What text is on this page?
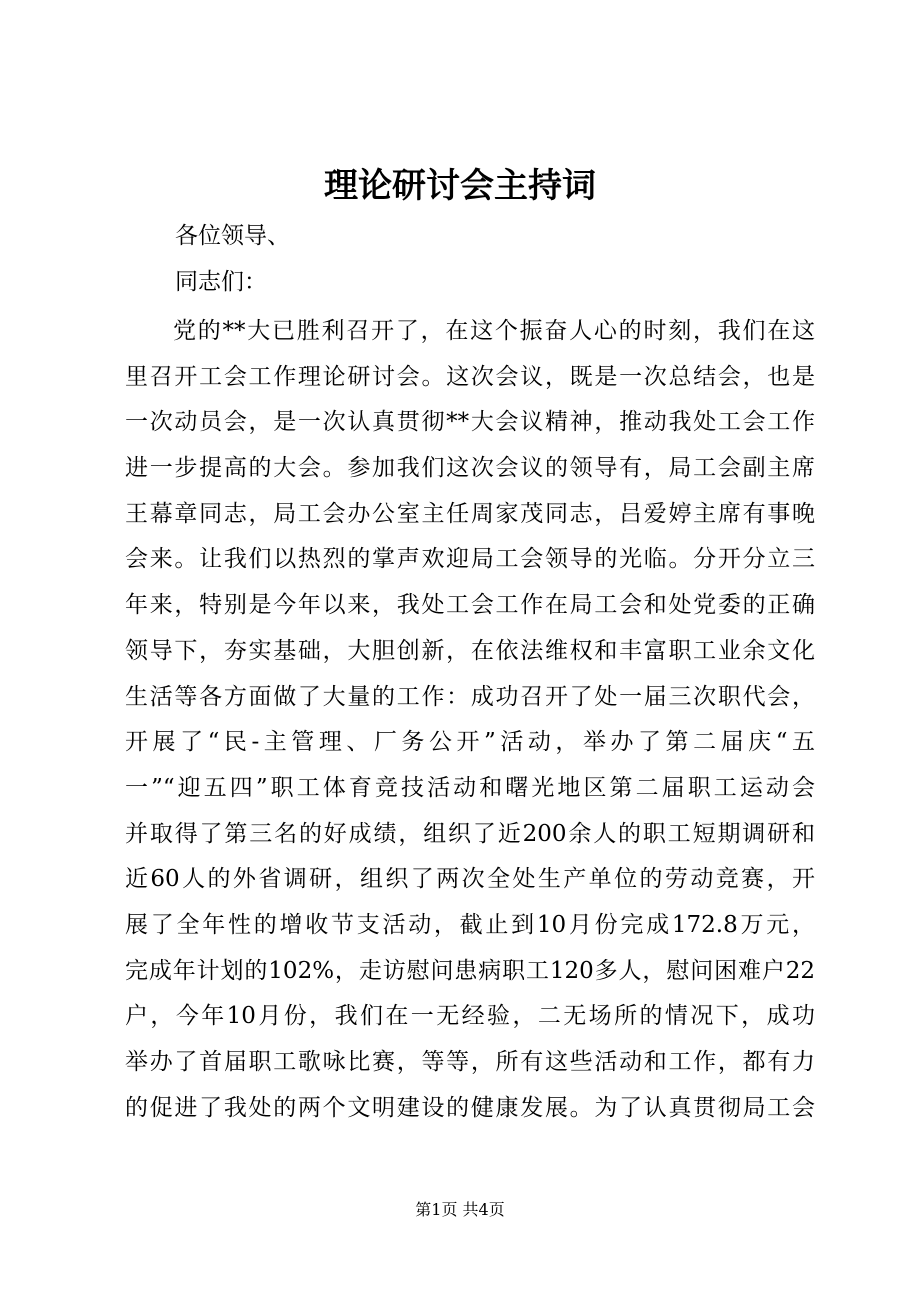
理论研讨会主持词
各位领导、
同志们：
党的**大已胜利召开了，在这个振奋人心的时刻，我们在这
里召开工会工作理论研讨会。这次会议，既是一次总结会，也是
一次动员会，是一次认真贯彻**大会议精神，推动我处工会工作
进一步提高的大会。参加我们这次会议的领导有，局工会副主席
王幕章同志，局工会办公室主任周家茂同志，吕爱婷主席有事晚
会来。让我们以热烈的掌声欢迎局工会领导的光临。分开分立三
年来，特别是今年以来，我处工会工作在局工会和处党委的正确
领导下，夯实基础，大胆创新，在依法维权和丰富职工业余文化
生活等各方面做了大量的工作：成功召开了处一届三次职代会，
开展了“民-主管理、厂务公开”活动，举办了第二届庆“五
一”“迎五四”职工体育竞技活动和曙光地区第二届职工运动会
并取得了第三名的好成绩，组织了近200余人的职工短期调研和
近60人的外省调研，组织了两次全处生产单位的劳动竞赛，开
展了全年性的增收节支活动，截止到10月份完成172.8万元，
完成年计划的102%，走访慰问患病职工120多人，慰问困难户22
户，今年10月份，我们在一无经验，二无场所的情况下，成功
举办了首届职工歌咏比赛，等等，所有这些活动和工作，都有力
的促进了我处的两个文明建设的健康发展。为了认真贯彻局工会
第1页 共4页
